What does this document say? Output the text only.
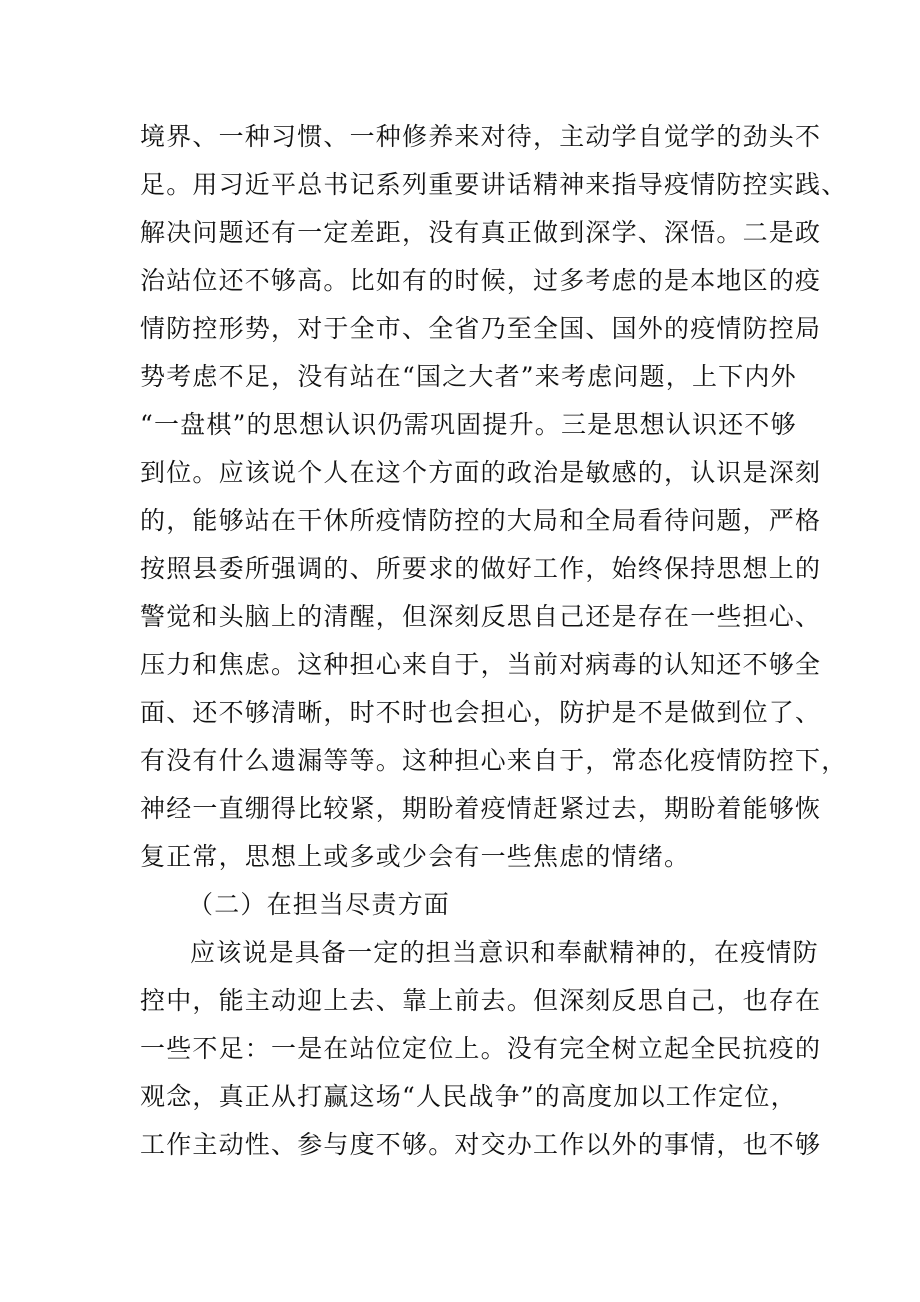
境界、一种习惯、一种修养来对待，主动学自觉学的劲头不
足。用习近平总书记系列重要讲话精神来指导疫情防控实践、
解决问题还有一定差距，没有真正做到深学、深悟。二是政
治站位还不够高。比如有的时候，过多考虑的是本地区的疫
情防控形势，对于全市、全省乃至全国、国外的疫情防控局
势考虑不足，没有站在“国之大者”来考虑问题，上下内外
“一盘棋”的思想认识仍需巩固提升。三是思想认识还不够
到位。应该说个人在这个方面的政治是敏感的，认识是深刻
的，能够站在干休所疫情防控的大局和全局看待问题，严格
按照县委所强调的、所要求的做好工作，始终保持思想上的
警觉和头脑上的清醒，但深刻反思自己还是存在一些担心、
压力和焦虑。这种担心来自于，当前对病毒的认知还不够全
面、还不够清晰，时不时也会担心，防护是不是做到位了、
有没有什么遗漏等等。这种担心来自于，常态化疫情防控下，
神经一直绷得比较紧，期盼着疫情赶紧过去，期盼着能够恢
复正常，思想上或多或少会有一些焦虑的情绪。
（二）在担当尽责方面
应该说是具备一定的担当意识和奉献精神的，在疫情防
控中，能主动迎上去、靠上前去。但深刻反思自己，也存在
一些不足：一是在站位定位上。没有完全树立起全民抗疫的
观念，真正从打赢这场“人民战争”的高度加以工作定位，
工作主动性、参与度不够。对交办工作以外的事情，也不够
